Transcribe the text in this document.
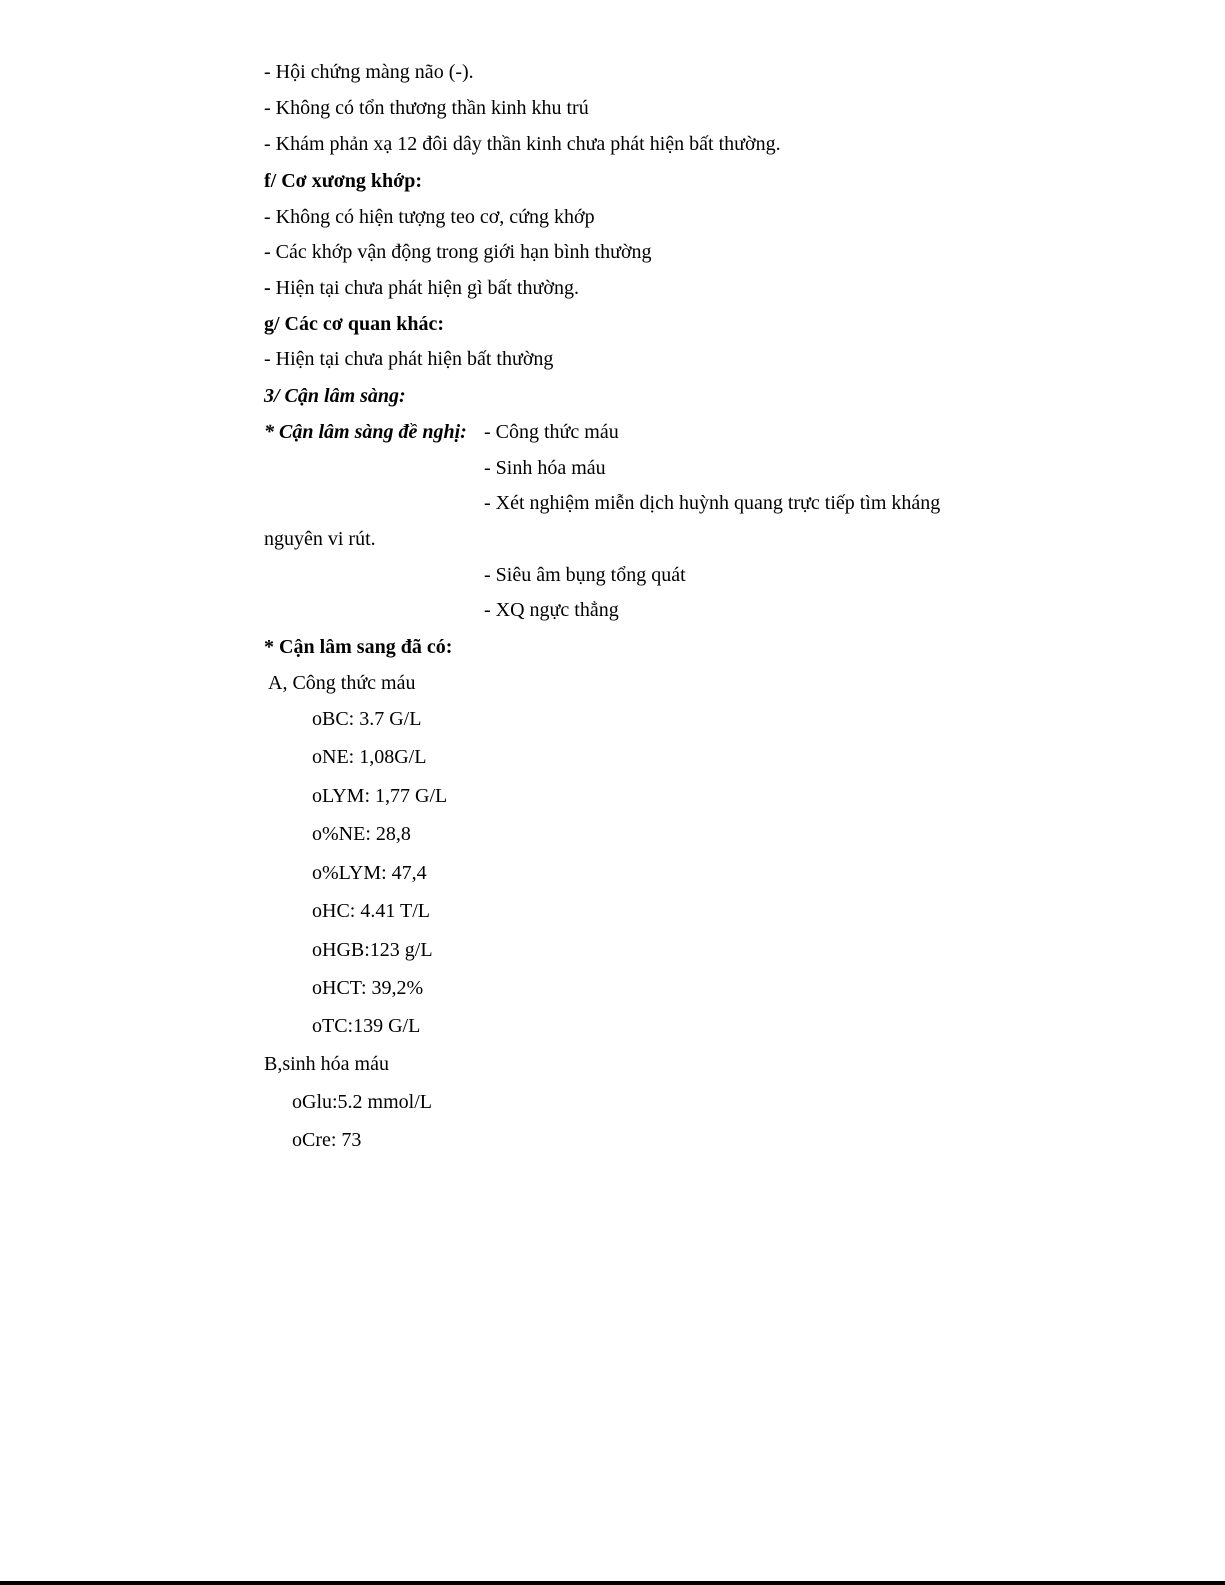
- Hội chứng màng não (-).
- Không có tổn thương thần kinh khu trú
- Khám phản xạ 12 đôi dây thần kinh chưa phát hiện bất thường.
f/ Cơ xương khớp:
- Không có hiện tượng teo cơ, cứng khớp
- Các khớp vận động trong giới hạn bình thường
- Hiện tại chưa phát hiện gì bất thường.
g/ Các cơ quan khác:
- Hiện tại chưa phát hiện bất thường
3/ Cận lâm sàng:
* Cận lâm sàng đề nghị: - Công thức máu
- Sinh hóa máu
- Xét nghiệm miễn dịch huỳnh quang trực tiếp tìm kháng
nguyên vi rút.
- Siêu âm bụng tổng quát
- XQ ngực thẳng
* Cận lâm sang đã có:
A, Công thức máu
oBC: 3.7 G/L
oNE: 1,08G/L
oLYM: 1,77 G/L
o%NE: 28,8
o%LYM: 47,4
oHC: 4.41 T/L
oHGB:123 g/L
oHCT: 39,2%
oTC:139 G/L
B,sinh hóa máu
oGlu:5.2 mmol/L
oCre: 73
